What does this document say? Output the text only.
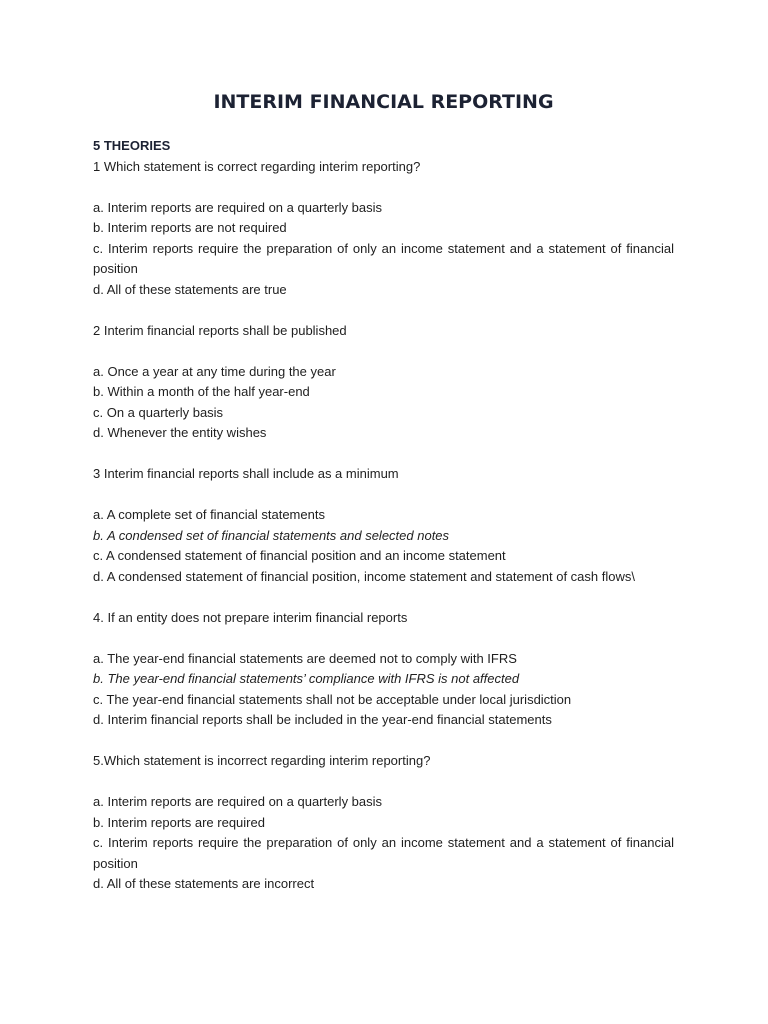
INTERIM FINANCIAL REPORTING
5 THEORIES
1 Which statement is correct regarding interim reporting?
a. Interim reports are required on a quarterly basis
b. Interim reports are not required
c. Interim reports require the preparation of only an income statement and a statement of financial position
d. All of these statements are true
2 Interim financial reports shall be published
a. Once a year at any time during the year
b. Within a month of the half year-end
c. On a quarterly basis
d. Whenever the entity wishes
3 Interim financial reports shall include as a minimum
a. A complete set of financial statements
b. A condensed set of financial statements and selected notes
c. A condensed statement of financial position and an income statement
d. A condensed statement of financial position, income statement and statement of cash flows\
4. If an entity does not prepare interim financial reports
a. The year-end financial statements are deemed not to comply with IFRS
b. The year-end financial statements’ compliance with IFRS is not affected
c. The year-end financial statements shall not be acceptable under local jurisdiction
d. Interim financial reports shall be included in the year-end financial statements
5.Which statement is incorrect regarding interim reporting?
a. Interim reports are required on a quarterly basis
b. Interim reports are required
c. Interim reports require the preparation of only an income statement and a statement of financial position
d. All of these statements are incorrect
